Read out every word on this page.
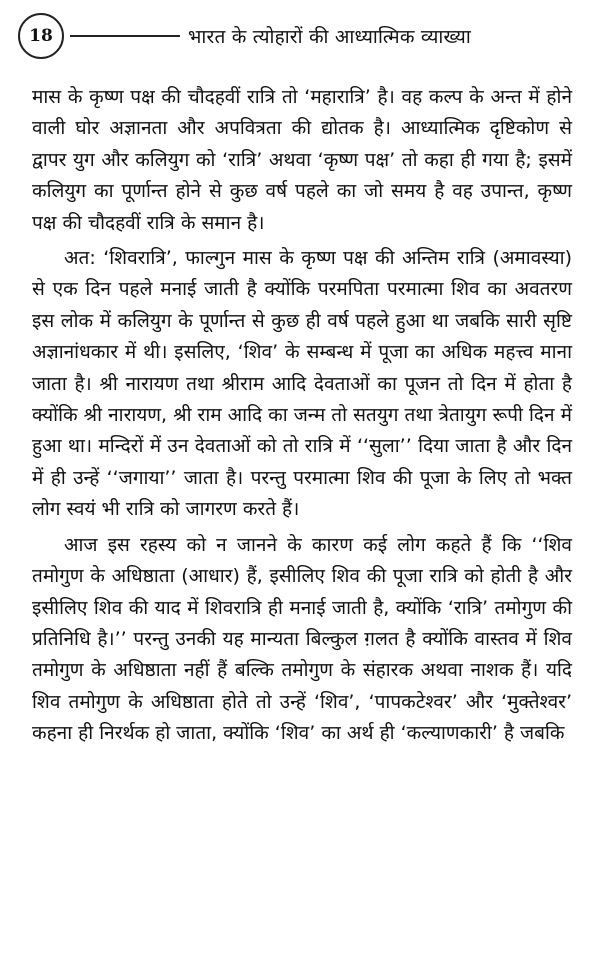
18	भारत के त्योहारों की आध्यात्मिक व्याख्या

मास के कृष्ण पक्ष की चौदहवीं रात्रि तो ‘महारात्रि’ है। वह कल्प के अन्त में होने वाली घोर अज्ञानता और अपवित्रता की द्योतक है। आध्यात्मिक दृष्टिकोण से द्वापर युग और कलियुग को ‘रात्रि’ अथवा ‘कृष्ण पक्ष’ तो कहा ही गया है; इसमें कलियुग का पूर्णान्त होने से कुछ वर्ष पहले का जो समय है वह उपान्त, कृष्ण पक्ष की चौदहवीं रात्रि के समान है।

अत: ‘शिवरात्रि’, फाल्गुन मास के कृष्ण पक्ष की अन्तिम रात्रि (अमावस्या) से एक दिन पहले मनाई जाती है क्योंकि परमपिता परमात्मा शिव का अवतरण इस लोक में कलियुग के पूर्णान्त से कुछ ही वर्ष पहले हुआ था जबकि सारी सृष्टि अज्ञानांधकार में थी। इसलिए, ‘शिव’ के सम्बन्ध में पूजा का अधिक महत्त्व माना जाता है। श्री नारायण तथा श्रीराम आदि देवताओं का पूजन तो दिन में होता है क्योंकि श्री नारायण, श्री राम आदि का जन्म तो सतयुग तथा त्रेतायुग रूपी दिन में हुआ था। मन्दिरों में उन देवताओं को तो रात्रि में ‘‘सुला’’ दिया जाता है और दिन में ही उन्हें ‘‘जगाया’’ जाता है। परन्तु परमात्मा शिव की पूजा के लिए तो भक्त लोग स्वयं भी रात्रि को जागरण करते हैं।

आज इस रहस्य को न जानने के कारण कई लोग कहते हैं कि ‘‘शिव तमोगुण के अधिष्ठाता (आधार) हैं, इसीलिए शिव की पूजा रात्रि को होती है और इसीलिए शिव की याद में शिवरात्रि ही मनाई जाती है, क्योंकि ‘रात्रि’ तमोगुण की प्रतिनिधि है।’’ परन्तु उनकी यह मान्यता बिल्कुल ग़लत है क्योंकि वास्तव में शिव तमोगुण के अधिष्ठाता नहीं हैं बल्कि तमोगुण के संहारक अथवा नाशक हैं। यदि शिव तमोगुण के अधिष्ठाता होते तो उन्हें ‘शिव’, ‘पापकटेश्वर’ और ‘मुक्तेश्वर’ कहना ही निरर्थक हो जाता, क्योंकि ‘शिव’ का अर्थ ही ‘कल्याणकारी’ है जबकि
